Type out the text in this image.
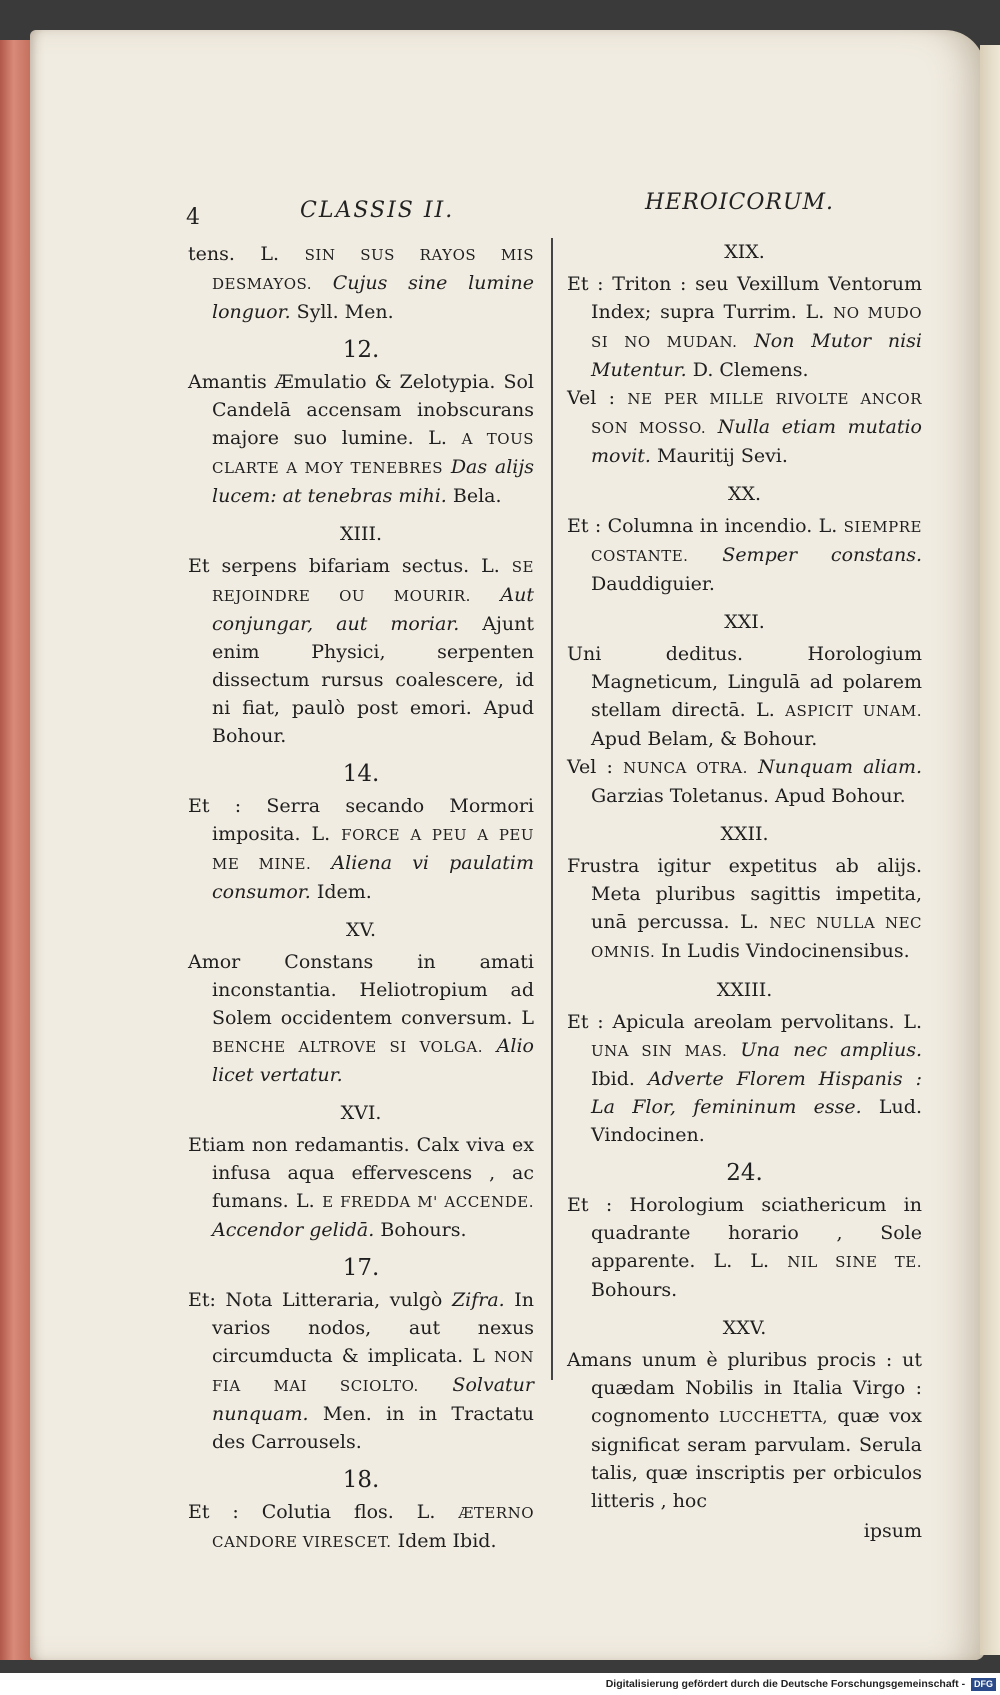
4	CLASSIS II.	HEROICORUM.
tens. L. SIN SUS RAYOS MIS DESMAYOS. Cujus sine lumine longuor. Syll. Men.
12.
Amantis Æmulatio & Zelotypia. Sol Candelā accensam inobscurans majore suo lumine. L. A TOUS CLARTE A MOY TENEBRES Das alijs lucem: at tenebras mihi. Bela.
XIII.
Et serpens bifariam sectus. L. SE REJOINDRE OU MOURIR. Aut conjungar, aut moriar. Ajunt enim Physici, serpenten dissectum rursus coalescere, id ni fiat, paulò post emori. Apud Bohour.
14.
Et : Serra secando Mormori imposita. L. FORCE A PEU A PEU ME MINE. Aliena vi paulatim consumor. Idem.
XV.
Amor Constans in amati inconstantia. Heliotropium ad Solem occidentem conversum. L BENCHE ALTROVE SI VOLGA. Alio licet vertatur.
XVI.
Etiam non redamantis. Calx viva ex infusa aqua effervescens , ac fumans. L. E FREDDA M' ACCENDE. Accendor gelidā. Bohours.
17.
Et: Nota Litteraria, vulgò Zifra. In varios nodos, aut nexus circumducta & implicata. L NON FIA MAI SCIOLTO. Solvatur nunquam. Men. in in Tractatu des Carrousels.
18.
Et : Colutia flos. L. ÆTERNO CANDORE VIRESCET. Idem Ibid.
XIX.
Et : Triton : seu Vexillum Ventorum Index; supra Turrim. L. NO MUDO SI NO MUDAN. Non Mutor nisi Mutentur. D. Clemens.
Vel : NE PER MILLE RIVOLTE ANCOR SON MOSSO. Nulla etiam mutatio movit. Mauritij Sevi.
XX.
Et : Columna in incendio. L. SIEMPRE COSTANTE. Semper constans. Dauddiguier.
XXI.
Uni deditus. Horologium Magneticum, Lingulā ad polarem stellam directā. L. ASPICIT UNAM. Apud Belam, & Bohour.
Vel : NUNCA OTRA. Nunquam aliam. Garzias Toletanus. Apud Bohour.
XXII.
Frustra igitur expetitus ab alijs. Meta pluribus sagittis impetita, unā percussa. L. NEC NULLA NEC OMNIS. In Ludis Vindocinensibus.
XXIII.
Et : Apicula areolam pervolitans. L. UNA SIN MAS. Una nec amplius. Ibid. Adverte Florem Hispanis : La Flor, femininum esse. Lud. Vindocinen.
24.
Et : Horologium sciathericum in quadrante horario , Sole apparente. L. L. NIL SINE TE. Bohours.
XXV.
Amans unum è pluribus procis : ut quædam Nobilis in Italia Virgo : cognomento LUCCHETTA, quæ vox significat seram parvulam. Serula talis, quæ inscriptis per orbiculos litteris , hoc
ipsum
Digitalisierung gefördert durch die Deutsche Forschungsgemeinschaft - DFG
